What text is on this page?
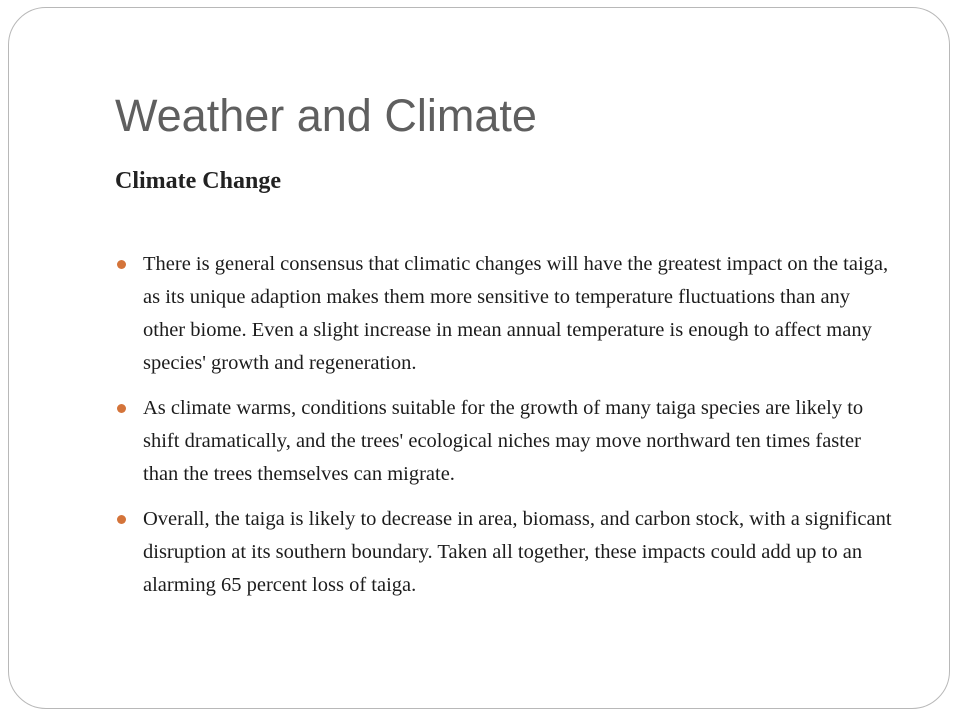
Weather and Climate
Climate Change
There is general consensus that climatic changes will have the greatest impact on the taiga, as its unique adaption makes them more sensitive to temperature fluctuations than any other biome. Even a slight increase in mean annual temperature is enough to affect many species' growth and regeneration.
As climate warms, conditions suitable for the growth of many taiga species are likely to shift dramatically, and the trees' ecological niches may move northward ten times faster than the trees themselves can migrate.
Overall, the taiga is likely to decrease in area, biomass, and carbon stock, with a significant disruption at its southern boundary. Taken all together, these impacts could add up to an alarming 65 percent loss of taiga.
